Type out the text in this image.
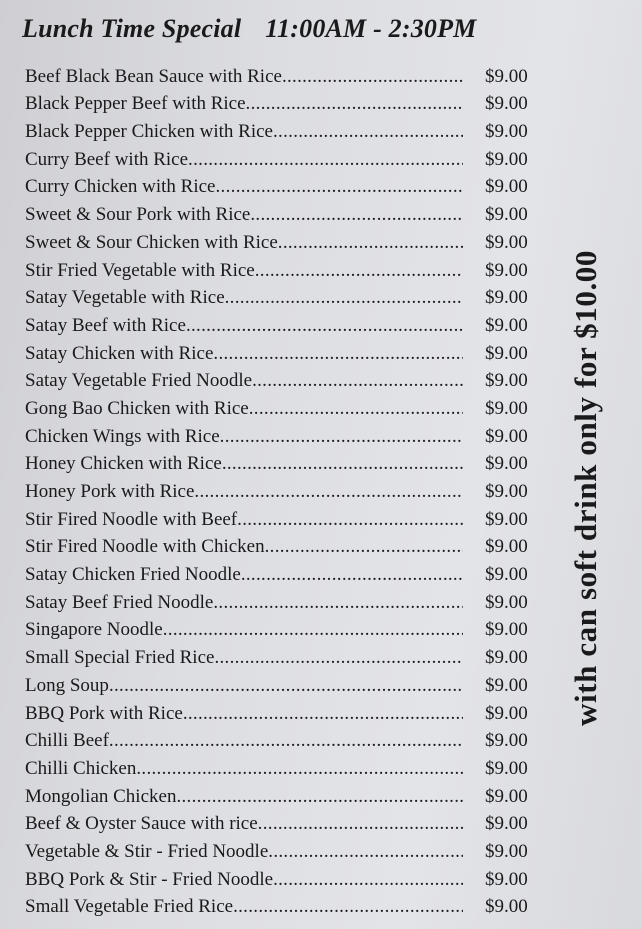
Lunch Time Special 11:00AM - 2:30PM
Beef Black Bean Sauce with Rice .....	$9.00
Black Pepper Beef with Rice .....	$9.00
Black Pepper Chicken with Rice .....	$9.00
Curry Beef with Rice .....	$9.00
Curry Chicken with Rice .....	$9.00
Sweet & Sour Pork with Rice .....	$9.00
Sweet & Sour Chicken with Rice .....	$9.00
Stir Fried Vegetable with Rice .....	$9.00
Satay Vegetable with Rice .....	$9.00
Satay Beef with Rice .....	$9.00
Satay Chicken with Rice .....	$9.00
Satay Vegetable Fried Noodle .....	$9.00
Gong Bao Chicken with Rice .....	$9.00
Chicken Wings with Rice .....	$9.00
Honey Chicken with Rice .....	$9.00
Honey Pork with Rice .....	$9.00
Stir Fired Noodle with Beef .....	$9.00
Stir Fired Noodle with Chicken .....	$9.00
Satay Chicken Fried Noodle .....	$9.00
Satay Beef Fried Noodle .....	$9.00
Singapore Noodle .....	$9.00
Small Special Fried Rice .....	$9.00
Long Soup .....	$9.00
BBQ Pork with Rice .....	$9.00
Chilli Beef .....	$9.00
Chilli Chicken .....	$9.00
Mongolian Chicken .....	$9.00
Beef & Oyster Sauce with rice .....	$9.00
Vegetable & Stir - Fried Noodle .....	$9.00
BBQ Pork & Stir - Fried Noodle .....	$9.00
Small Vegetable Fried Rice .....	$9.00
with can soft drink only for $10.00
